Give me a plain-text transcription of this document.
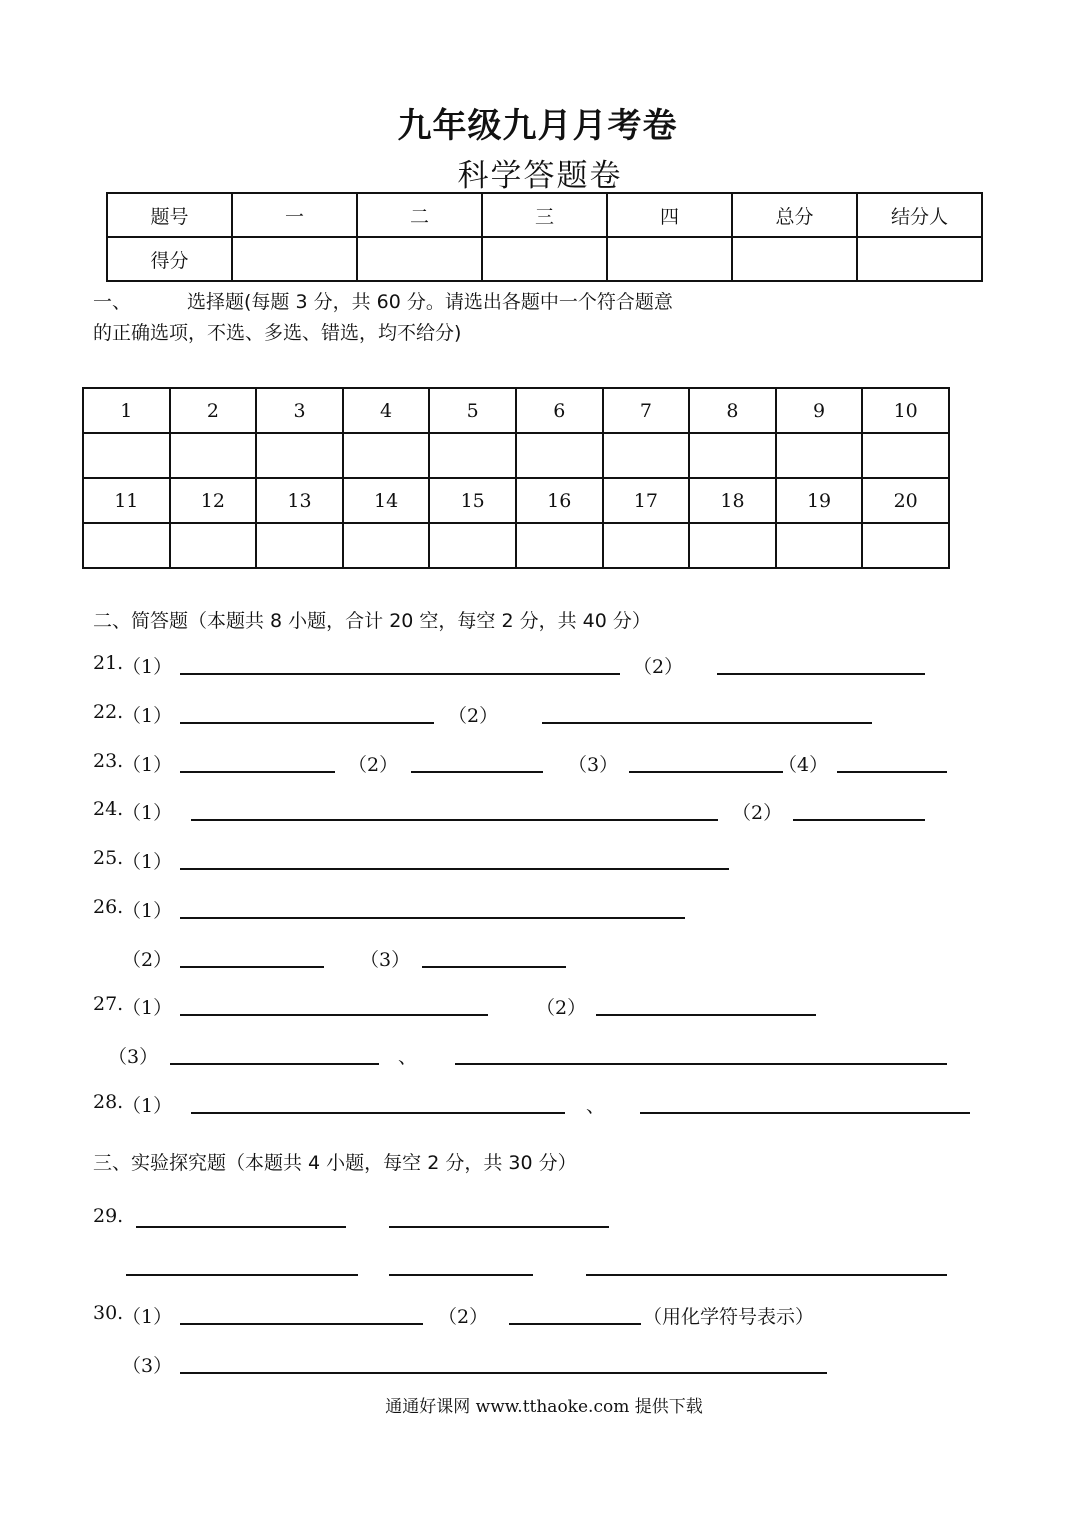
九年级九月月考卷
科学答题卷
题号	一	二	三	四	总分	结分人
得分						
一、	选择题(每题 3 分，共 60 分。请选出各题中一个符合题意
的正确选项，不选、多选、错选，均不给分)
1	2	3	4	5	6	7	8	9	10

11	12	13	14	15	16	17	18	19	20

二、简答题（本题共 8 小题，合计 20 空，每空 2 分，共 40 分）
21.
（1）	（2）
22.
（1）	（2）
23.
（1）	（2）	（3）	（4）
24.
（1）	（2）
25.
（1）
26.
（1）
（2）	（3）
27.
（1）	（2）
（3）	、
28.
（1）	、
三、实验探究题（本题共 4 小题，每空 2 分，共 30 分）
29.
30.
（1）	（2）	（用化学符号表示）
（3）
通通好课网 www.tthaoke.com 提供下载
